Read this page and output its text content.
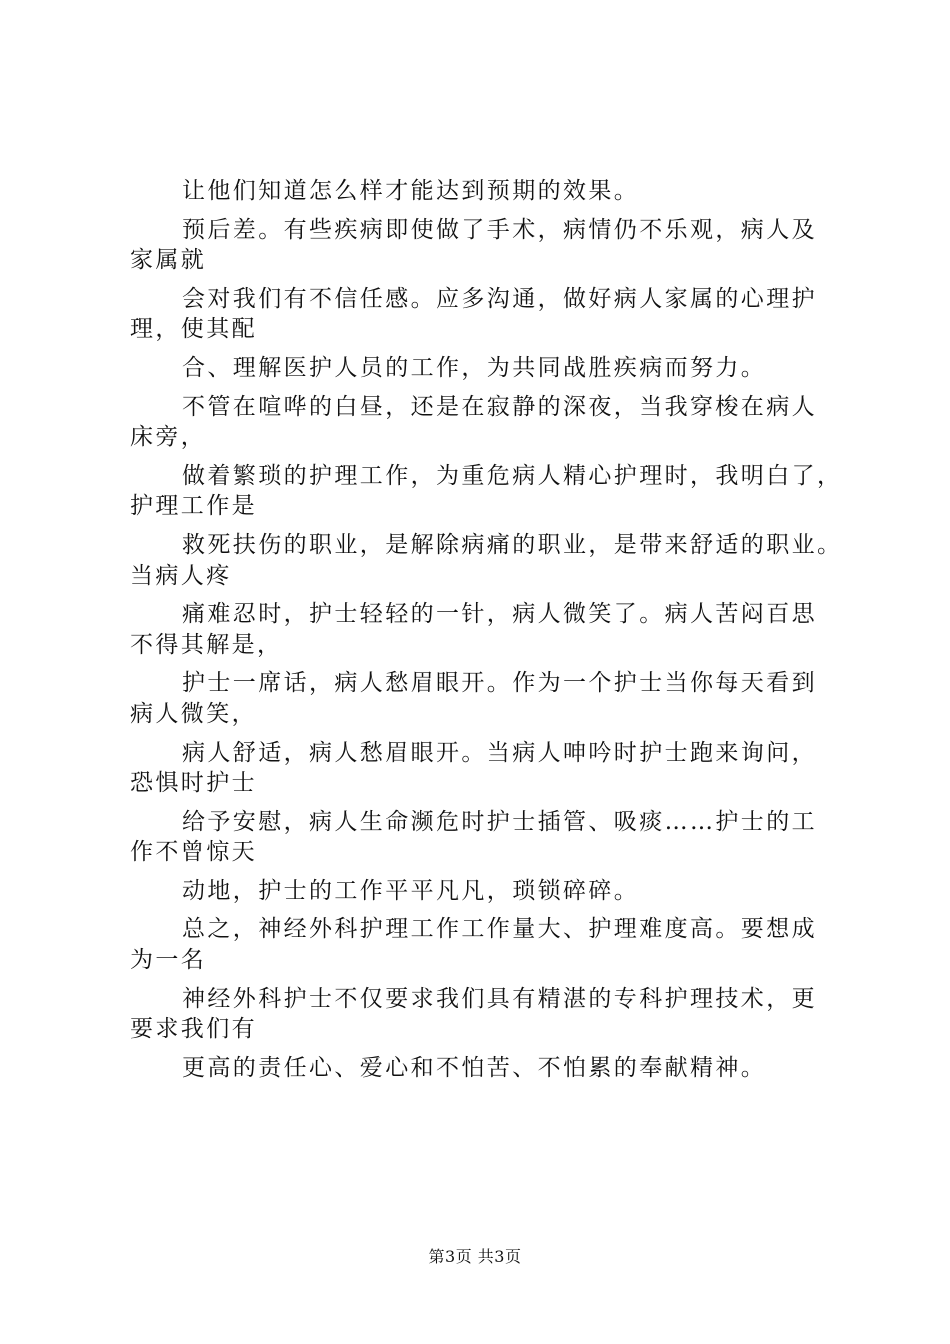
让他们知道怎么样才能达到预期的效果。
预后差。有些疾病即使做了手术，病情仍不乐观，病人及
家属就
会对我们有不信任感。应多沟通，做好病人家属的心理护
理，使其配
合、理解医护人员的工作，为共同战胜疾病而努力。
不管在喧哗的白昼，还是在寂静的深夜，当我穿梭在病人
床旁，
做着繁琐的护理工作，为重危病人精心护理时，我明白了，
护理工作是
救死扶伤的职业，是解除病痛的职业，是带来舒适的职业。
当病人疼
痛难忍时，护士轻轻的一针，病人微笑了。病人苦闷百思
不得其解是，
护士一席话，病人愁眉眼开。作为一个护士当你每天看到
病人微笑，
病人舒适，病人愁眉眼开。当病人呻吟时护士跑来询问，
恐惧时护士
给予安慰，病人生命濒危时护士插管、吸痰……护士的工
作不曾惊天
动地，护士的工作平平凡凡，琐锁碎碎。
总之，神经外科护理工作工作量大、护理难度高。要想成
为一名
神经外科护士不仅要求我们具有精湛的专科护理技术，更
要求我们有
更高的责任心、爱心和不怕苦、不怕累的奉献精神。
第3页 共3页
